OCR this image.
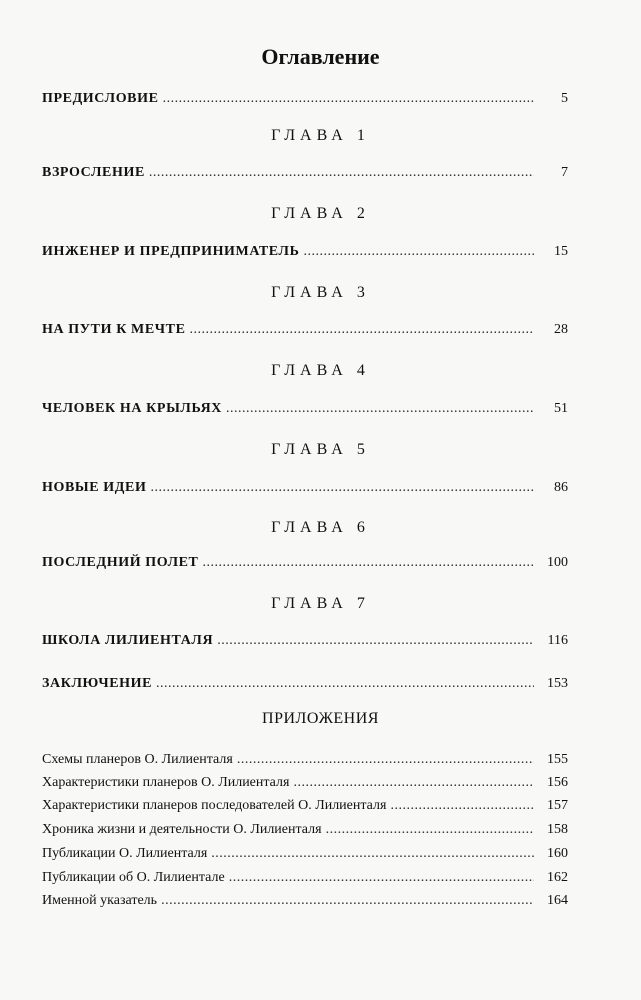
Оглавление
ПРЕДИСЛОВИЕ .....	5
ГЛАВА 1
ВЗРОСЛЕНИЕ .....	7
ГЛАВА 2
ИНЖЕНЕР И ПРЕДПРИНИМАТЕЛЬ .....	15
ГЛАВА 3
НА ПУТИ К МЕЧТЕ .....	28
ГЛАВА 4
ЧЕЛОВЕК НА КРЫЛЬЯХ .....	51
ГЛАВА 5
НОВЫЕ ИДЕИ .....	86
ГЛАВА 6
ПОСЛЕДНИЙ ПОЛЕТ .....	100
ГЛАВА 7
ШКОЛА ЛИЛИЕНТАЛЯ .....	116
ЗАКЛЮЧЕНИЕ .....	153
ПРИЛОЖЕНИЯ
Схемы планеров О. Лилиенталя .....	155
Характеристики планеров О. Лилиенталя .....	156
Характеристики планеров последователей О. Лилиенталя .....	157
Хроника жизни и деятельности О. Лилиенталя .....	158
Публикации О. Лилиенталя .....	160
Публикации об О. Лилиентале .....	162
Именной указатель .....	164
